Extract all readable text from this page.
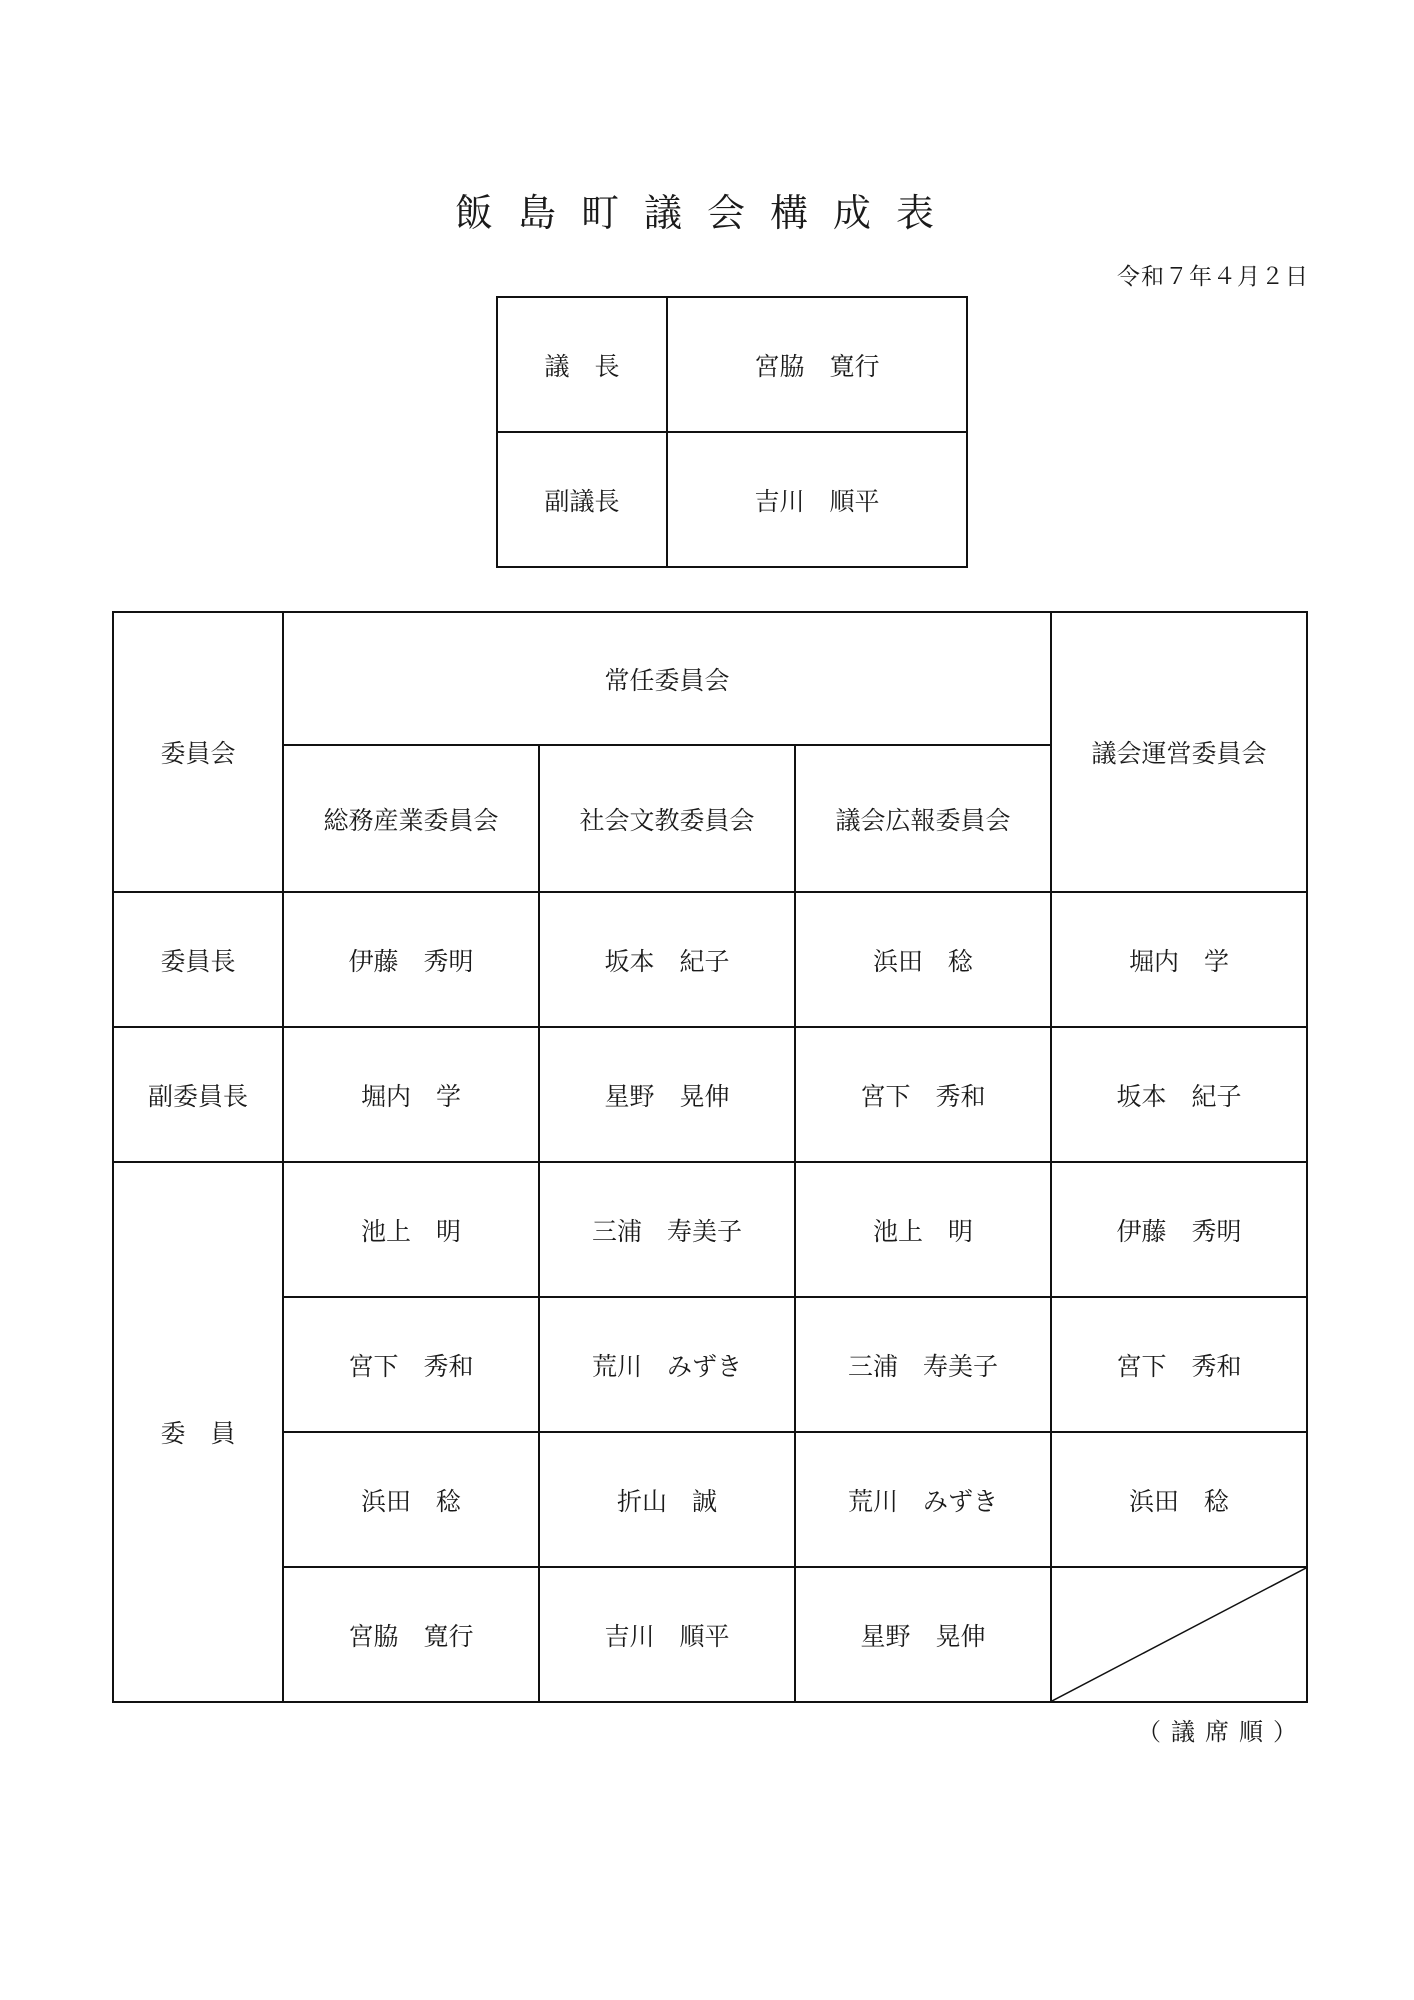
飯島町議会構成表
令和７年４月２日
議　長	宮脇　寛行
副議長	吉川　順平
委員会	常任委員会			議会運営委員会
	総務産業委員会	社会文教委員会	議会広報委員会	
委員長	伊藤　秀明	坂本　紀子	浜田　稔	堀内　学
副委員長	堀内　学	星野　晃伸	宮下　秀和	坂本　紀子
委　員	池上　明	三浦　寿美子	池上　明	伊藤　秀明
	宮下　秀和	荒川　みずき	三浦　寿美子	宮下　秀和
	浜田　稔	折山　誠	荒川　みずき	浜田　稔
	宮脇　寛行	吉川　順平	星野　晃伸	
（議席順）
